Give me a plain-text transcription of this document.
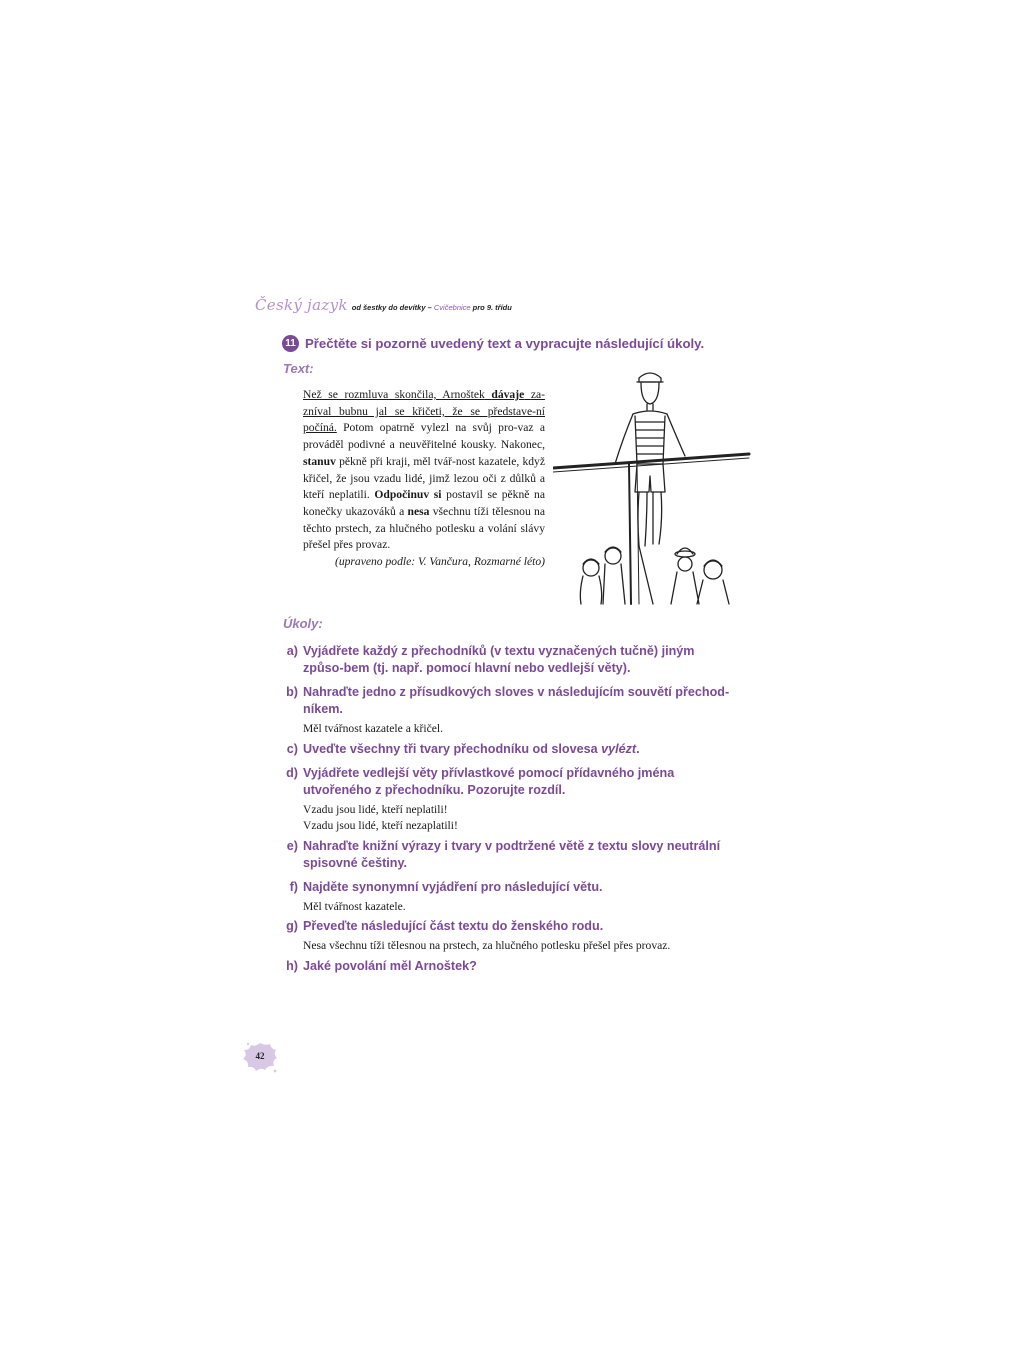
Český jazyk od šestky do devítky – Cvičebnice pro 9. třídu
11 Přečtěte si pozorně uvedený text a vypracujte následující úkoly.
Text:

Než se rozmluva skončila, Arnoštek dávaje za-zníval bubnu jal se křičeti, že se představe-ní počíná. Potom opatrně vylezl na svůj pro-vaz a prováděl podivné a neuvěřitelné kousky. Nakonec, stanuv pěkně při kraji, měl tvář-nost kazatele, když křičel, že jsou vzadu lidé, jimž lezou oči z důlků a kteří neplatili. Odpočinuv si postavil se pěkně na konečky ukazováků a nesa všechnu tíži tělesnou na těchto prstech, za hlučného potlesku a volání slávy přešel přes provaz.

(upraveno podle: V. Vančura, Rozmarné léto)

Úkoly:
a) Vyjádřete každý z přechodníků (v textu vyznačených tučně) jiným způso-bem (tj. např. pomocí hlavní nebo vedlejší věty).
b) Nahraďte jedno z přísudkových sloves v následujícím souvětí přechod-níkem.
Měl tvářnost kazatele a křičel.
c) Uveďte všechny tři tvary přechodníku od slovesa vylézt.
d) Vyjádřete vedlejší věty přívlastkové pomocí přídavného jména utvořeného z přechodníku. Pozorujte rozdíl.
Vzadu jsou lidé, kteří neplatili!
Vzadu jsou lidé, kteří nezaplatili!
e) Nahraďte knižní výrazy i tvary v podtržené větě z textu slovy neutrální spisovné češtiny.
f) Najděte synonymní vyjádření pro následující větu.
Měl tvářnost kazatele.
g) Převeďte následující část textu do ženského rodu.
Nesa všechnu tíži tělesnou na prstech, za hlučného potlesku přešel přes provaz.
h) Jaké povolání měl Arnoštek?
42
